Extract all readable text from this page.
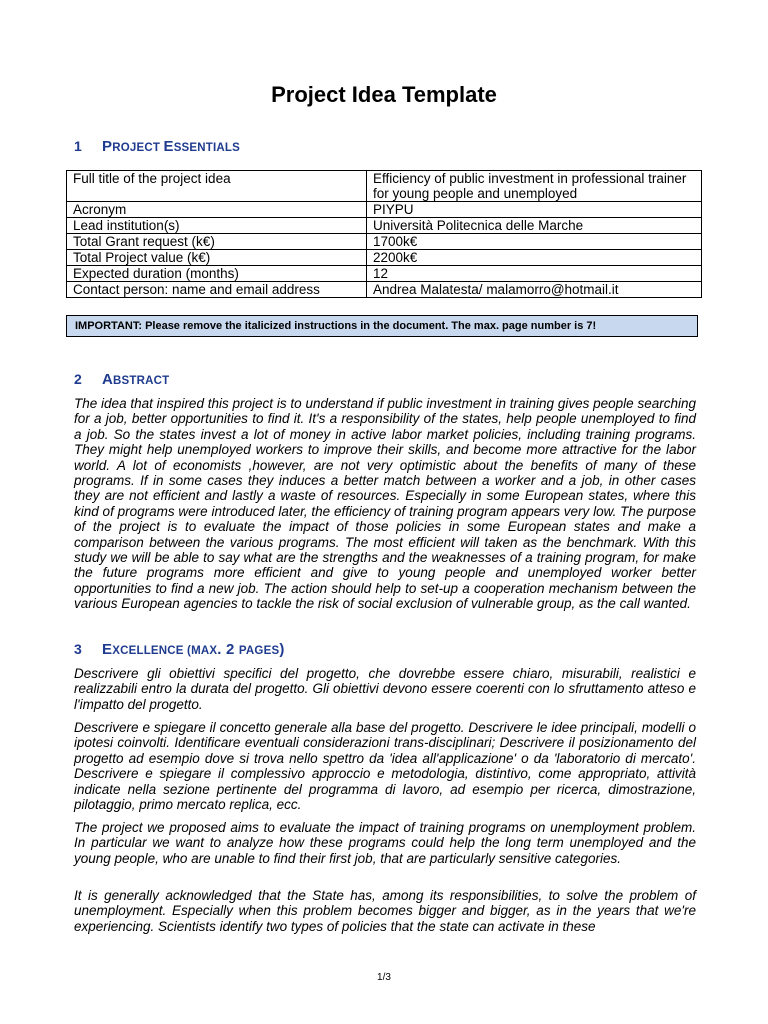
Project Idea Template
1 PROJECT ESSENTIALS
Full title of the project idea	Efficiency of public investment in professional trainer for young people and unemployed
Acronym	PIYPU
Lead institution(s)	Università Politecnica delle Marche
Total Grant request (k€)	1700k€
Total Project value (k€)	2200k€
Expected duration (months)	12
Contact person: name and email address	Andrea Malatesta/ malamorro@hotmail.it
IMPORTANT: Please remove the italicized instructions in the document. The max. page number is 7!
2 ABSTRACT
The idea that inspired this project is to understand if public investment in training gives people searching for a job, better opportunities to find it. It's a responsibility of the states, help people unemployed to find a job. So the states invest a lot of money in active labor market policies, including training programs. They might help unemployed workers to improve their skills, and become more attractive for the labor world. A lot of economists ,however, are not very optimistic about the benefits of many of these programs. If in some cases they induces a better match between a worker and a job, in other cases they are not efficient and lastly a waste of resources. Especially in some European states, where this kind of programs were introduced later, the efficiency of training program appears very low. The purpose of the project is to evaluate the impact of those policies in some European states and make a comparison between the various programs. The most efficient will taken as the benchmark. With this study we will be able to say what are the strengths and the weaknesses of a training program, for make the future programs more efficient and give to young people and unemployed worker better opportunities to find a new job. The action should help to set-up a cooperation mechanism between the various European agencies to tackle the risk of social exclusion of vulnerable group, as the call wanted.
3 EXCELLENCE (MAX. 2 PAGES)
Descrivere gli obiettivi specifici del progetto, che dovrebbe essere chiaro, misurabili, realistici e realizzabili entro la durata del progetto. Gli obiettivi devono essere coerenti con lo sfruttamento atteso e l'impatto del progetto.
Descrivere e spiegare il concetto generale alla base del progetto. Descrivere le idee principali, modelli o ipotesi coinvolti. Identificare eventuali considerazioni trans-disciplinari; Descrivere il posizionamento del progetto ad esempio dove si trova nello spettro da 'idea all'applicazione' o da 'laboratorio di mercato'. Descrivere e spiegare il complessivo approccio e metodologia, distintivo, come appropriato, attività indicate nella sezione pertinente del programma di lavoro, ad esempio per ricerca, dimostrazione, pilotaggio, primo mercato replica, ecc.
The project we proposed aims to evaluate the impact of training programs on unemployment problem. In particular we want to analyze how these programs could help the long term unemployed and the young people, who are unable to find their first job, that are particularly sensitive categories.
It is generally acknowledged that the State has, among its responsibilities, to solve the problem of unemployment. Especially when this problem becomes bigger and bigger, as in the years that we're experiencing. Scientists identify two types of policies that the state can activate in these
1/3
